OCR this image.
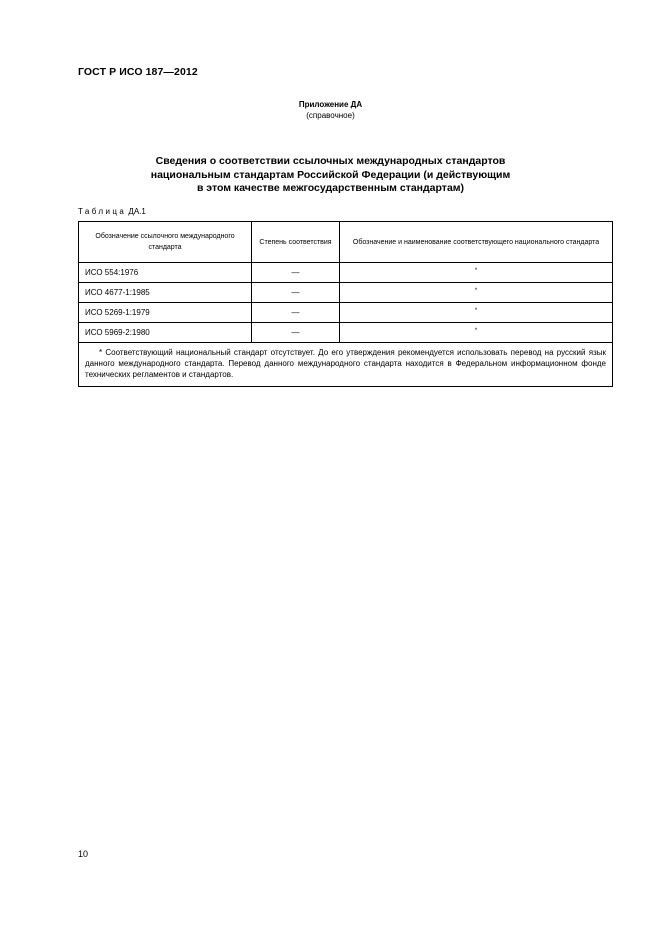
ГОСТ Р ИСО 187—2012
Приложение ДА
(справочное)
Сведения о соответствии ссылочных международных стандартов
национальным стандартам Российской Федерации (и действующим
в этом качестве межгосударственным стандартам)
Таблица ДА.1
Обозначение ссылочного международного стандарта	Степень соответствия	Обозначение и наименование соответствующего национального стандарта
ИСО 554:1976	—	*
ИСО 4677-1:1985	—	*
ИСО 5269-1:1979	—	*
ИСО 5969-2:1980	—	*
* Соответствующий национальный стандарт отсутствует. До его утверждения рекомендуется использовать перевод на русский язык данного международного стандарта. Перевод данного международного стандарта находится в Федеральном информационном фонде технических регламентов и стандартов.		
10
